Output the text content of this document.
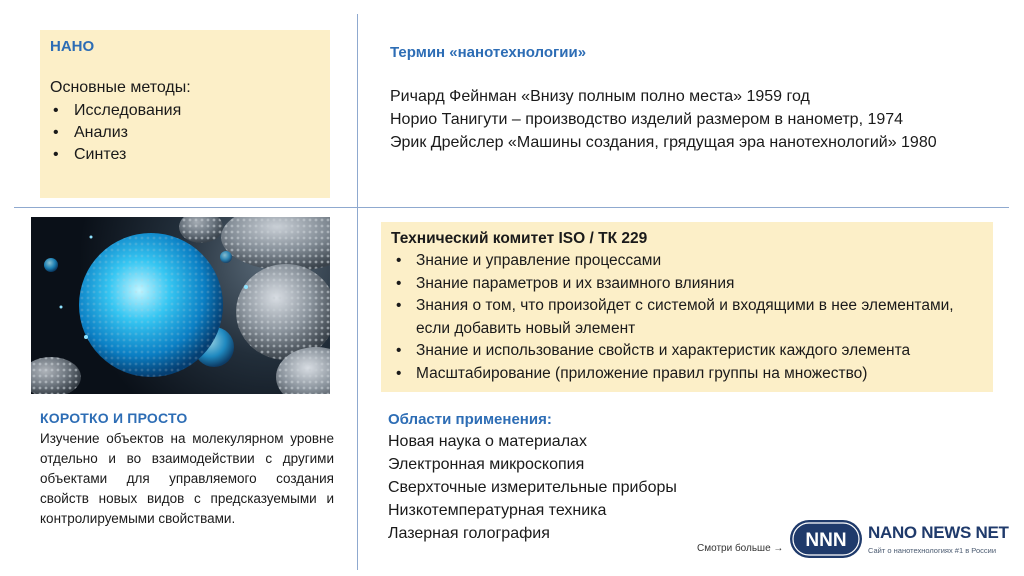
НАНО

Основные методы:

• Исследования
• Анализ
• Синтез

КОРОТКО И ПРОСТО

Изучение объектов на молекулярном уровне отдельно и во взаимодействии с другими объектами для управляемого создания свойств новых видов с предсказуемыми и контролируемыми свойствами.

Термин «нанотехнологии»

Ричард Фейнман «Внизу полным полно места» 1959 год
Норио Танигути – производство изделий размером в нанометр, 1974
Эрик Дрейслер «Машины создания, грядущая эра нанотехнологий» 1980

Технический комитет ISO / ТК 229

• Знание и управление процессами
• Знание параметров и их взаимного влияния
• Знания о том, что произойдет с системой и входящими в нее элементами, если добавить новый элемент
• Знание и использование свойств и характеристик каждого элемента
• Масштабирование (приложение правил группы на множество)

Области применения:

Новая наука о материалах
Электронная микроскопия
Сверхточные измерительные приборы
Низкотемпературная техника
Лазерная голография
Смотри больше → NNN NANO NEWS NET
Сайт о нанотехнологиях #1 в России
